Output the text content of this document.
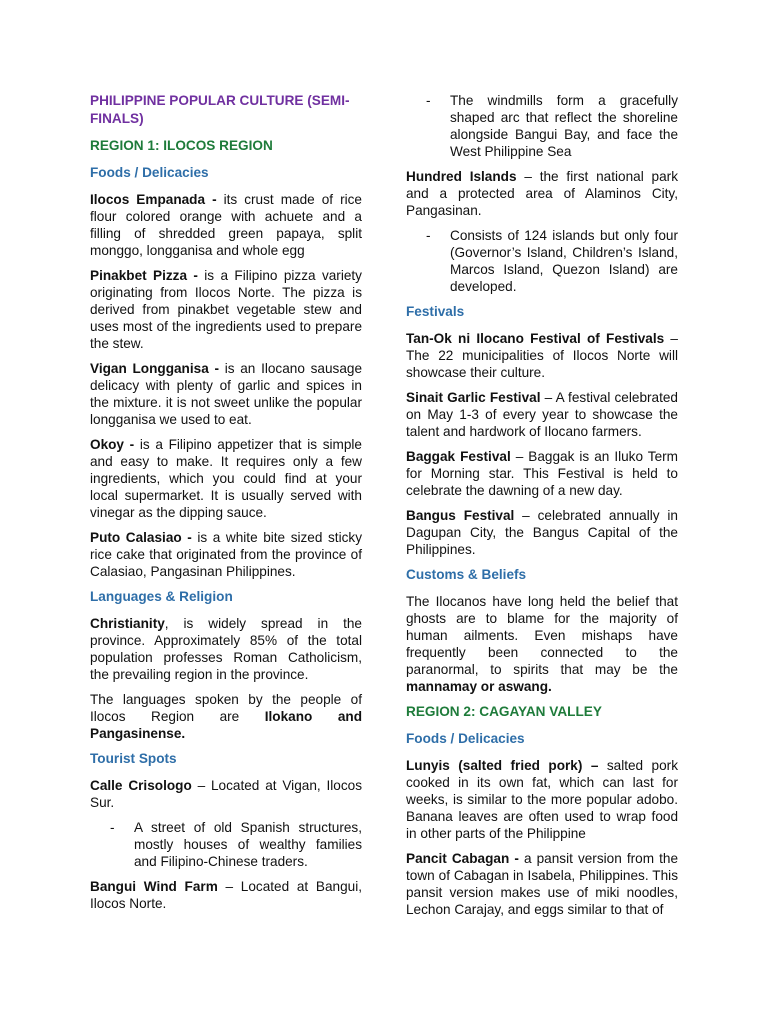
PHILIPPINE POPULAR CULTURE (SEMI-FINALS)
REGION 1: ILOCOS REGION
Foods / Delicacies

Ilocos Empanada - its crust made of rice flour colored orange with achuete and a filling of shredded green papaya, split monggo, longganisa and whole egg

Pinakbet Pizza - is a Filipino pizza variety originating from Ilocos Norte. The pizza is derived from pinakbet vegetable stew and uses most of the ingredients used to prepare the stew.

Vigan Longganisa - is an Ilocano sausage delicacy with plenty of garlic and spices in the mixture. it is not sweet unlike the popular longganisa we used to eat.

Okoy - is a Filipino appetizer that is simple and easy to make. It requires only a few ingredients, which you could find at your local supermarket. It is usually served with vinegar as the dipping sauce.

Puto Calasiao - is a white bite sized sticky rice cake that originated from the province of Calasiao, Pangasinan Philippines.

Languages & Religion

Christianity, is widely spread in the province. Approximately 85% of the total population professes Roman Catholicism, the prevailing region in the province.

The languages spoken by the people of Ilocos Region are Ilokano and Pangasinense.

Tourist Spots

Calle Crisologo – Located at Vigan, Ilocos Sur.

-	A street of old Spanish structures, mostly houses of wealthy families and Filipino-Chinese traders.

Bangui Wind Farm – Located at Bangui, Ilocos Norte.

-	The windmills form a gracefully shaped arc that reflect the shoreline alongside Bangui Bay, and face the West Philippine Sea

Hundred Islands – the first national park and a protected area of Alaminos City, Pangasinan.

-	Consists of 124 islands but only four (Governor’s Island, Children’s Island, Marcos Island, Quezon Island) are developed.
Festivals

Tan-Ok ni Ilocano Festival of Festivals – The 22 municipalities of Ilocos Norte will showcase their culture.

Sinait Garlic Festival – A festival celebrated on May 1-3 of every year to showcase the talent and hardwork of Ilocano farmers.

Baggak Festival – Baggak is an Iluko Term for Morning star. This Festival is held to celebrate the dawning of a new day.

Bangus Festival – celebrated annually in Dagupan City, the Bangus Capital of the Philippines.

Customs & Beliefs

The Ilocanos have long held the belief that ghosts are to blame for the majority of human ailments. Even mishaps have frequently been connected to the paranormal, to spirits that may be the mannamay or aswang.

REGION 2: CAGAYAN VALLEY
Foods / Delicacies

Lunyis (salted fried pork) – salted pork cooked in its own fat, which can last for weeks, is similar to the more popular adobo. Banana leaves are often used to wrap food in other parts of the Philippine

Pancit Cabagan - a pansit version from the town of Cabagan in Isabela, Philippines. This pansit version makes use of miki noodles, Lechon Carajay, and eggs similar to that of
